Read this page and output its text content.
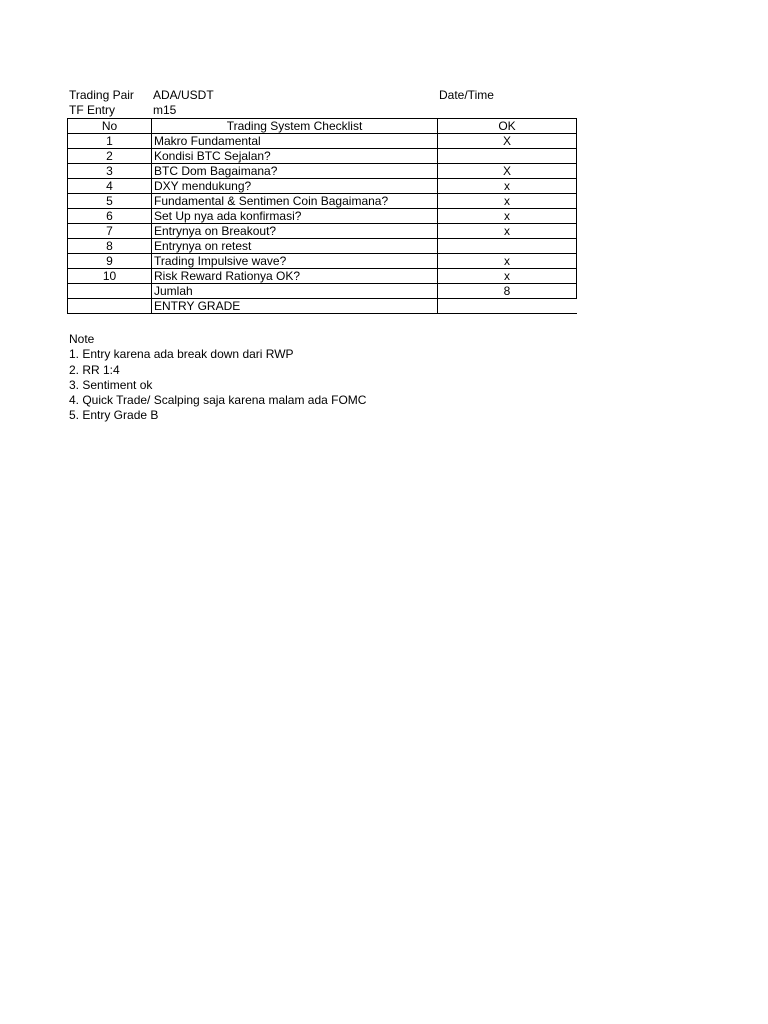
Trading Pair ADA/USDT	Date/Time
TF Entry	m15
No	Trading System Checklist	OK
1	Makro Fundamental	X
2	Kondisi BTC Sejalan?	
3	BTC Dom Bagaimana?	X
4	DXY mendukung?	x
5	Fundamental & Sentimen Coin Bagaimana?	x
6	Set Up nya ada konfirmasi?	x
7	Entrynya on Breakout?	x
8	Entrynya on retest	
9	Trading Impulsive wave?	x
10	Risk Reward Rationya OK?	x
	Jumlah	8
	ENTRY GRADE	
Note
1. Entry karena ada break down dari RWP
2. RR 1:4
3. Sentiment ok
4. Quick Trade/ Scalping saja karena malam ada FOMC
5. Entry Grade B
